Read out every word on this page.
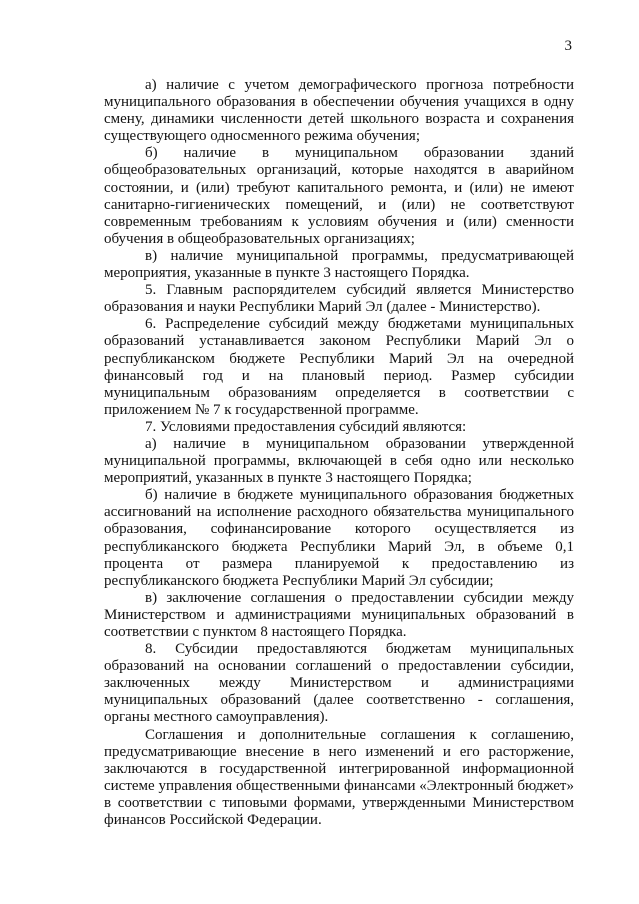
3

а) наличие с учетом демографического прогноза потребности муниципального образования в обеспечении обучения учащихся в одну смену, динамики численности детей школьного возраста и сохранения существующего односменного режима обучения;

б) наличие в муниципальном образовании зданий общеобразовательных организаций, которые находятся в аварийном состоянии, и (или) требуют капитального ремонта, и (или) не имеют санитарно-гигиенических помещений, и (или) не соответствуют современным требованиям к условиям обучения и (или) сменности обучения в общеобразовательных организациях;

в) наличие муниципальной программы, предусматривающей мероприятия, указанные в пункте 3 настоящего Порядка.

5. Главным распорядителем субсидий является Министерство образования и науки Республики Марий Эл (далее - Министерство).

6. Распределение субсидий между бюджетами муниципальных образований устанавливается законом Республики Марий Эл о республиканском бюджете Республики Марий Эл на очередной финансовый год и на плановый период. Размер субсидии муниципальным образованиям определяется в соответствии с приложением № 7 к государственной программе.

7. Условиями предоставления субсидий являются:

а) наличие в муниципальном образовании утвержденной муниципальной программы, включающей в себя одно или несколько мероприятий, указанных в пункте 3 настоящего Порядка;

б) наличие в бюджете муниципального образования бюджетных ассигнований на исполнение расходного обязательства муниципального образования, софинансирование которого осуществляется из республиканского бюджета Республики Марий Эл, в объеме 0,1 процента от размера планируемой к предоставлению из республиканского бюджета Республики Марий Эл субсидии;

в) заключение соглашения о предоставлении субсидии между Министерством и администрациями муниципальных образований в соответствии с пунктом 8 настоящего Порядка.

8. Субсидии предоставляются бюджетам муниципальных образований на основании соглашений о предоставлении субсидии, заключенных между Министерством и администрациями муниципальных образований (далее соответственно - соглашения, органы местного самоуправления).

Соглашения и дополнительные соглашения к соглашению, предусматривающие внесение в него изменений и его расторжение, заключаются в государственной интегрированной информационной системе управления общественными финансами «Электронный бюджет» в соответствии с типовыми формами, утвержденными Министерством финансов Российской Федерации.
